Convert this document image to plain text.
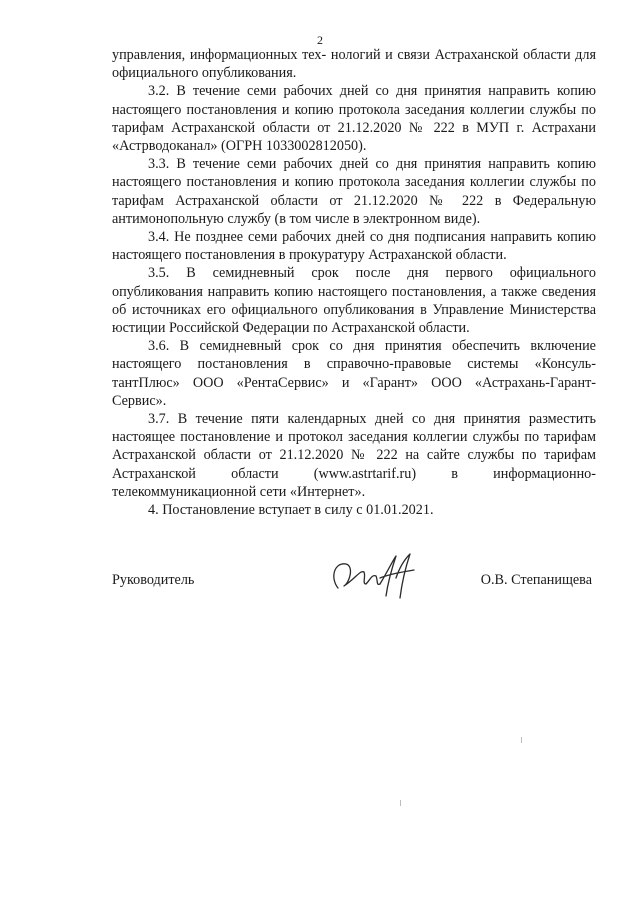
2

управления, информационных тех- нологий и связи Астраханской области для официального опубликования.

3.2. В течение семи рабочих дней со дня принятия направить копию настоящего постановления и копию протокола заседания коллегии службы по тарифам Астраханской области от 21.12.2020 № 222 в МУП г. Астрахани «Астрводоканал» (ОГРН 1033002812050).

3.3. В течение семи рабочих дней со дня принятия направить копию настоящего постановления и копию протокола заседания коллегии службы по тарифам Астраханской области от 21.12.2020 № 222 в Федеральную антимонопольную службу (в том числе в электронном виде).

3.4. Не позднее семи рабочих дней со дня подписания направить копию настоящего постановления в прокуратуру Астраханской области.

3.5. В семидневный срок после дня первого официального опубликования направить копию настоящего постановления, а также сведения об источниках его официального опубликования в Управление Министерства юстиции Российской Федерации по Астраханской области.

3.6. В семидневный срок со дня принятия обеспечить включение настоящего постановления в справочно-правовые системы «Консуль- тантПлюс» ООО «РентаСервис» и «Гарант» ООО «Астрахань-Гарант- Сервис».

3.7. В течение пяти календарных дней со дня принятия разместить настоящее постановление и протокол заседания коллегии службы по тарифам Астраханской области от 21.12.2020 № 222 на сайте службы по тарифам Астраханской области (www.astrtarif.ru) в информационно- телекоммуникационной сети «Интернет».

4. Постановление вступает в силу с 01.01.2021.

Руководитель	О.В. Степанищева
